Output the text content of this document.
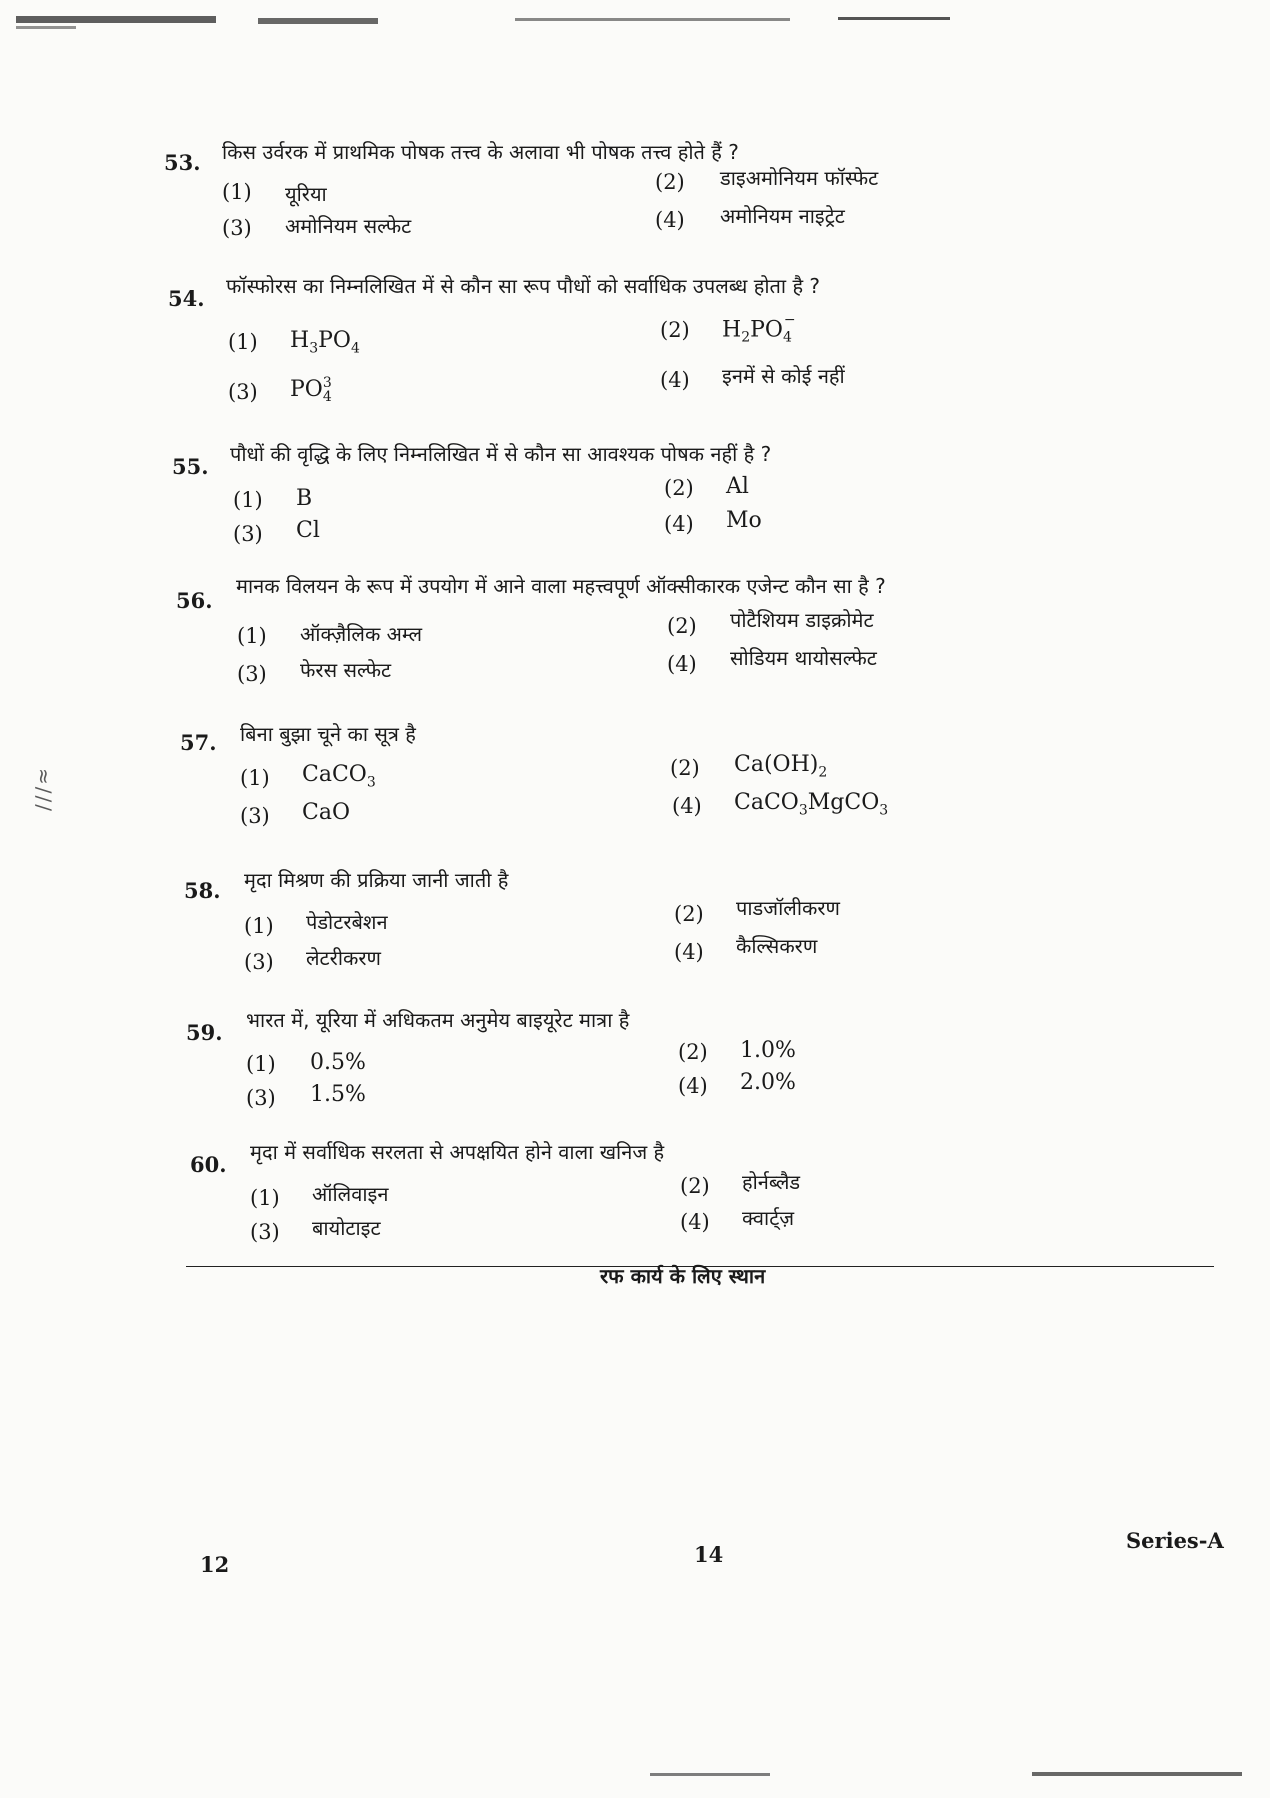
≈∕∕∕
53. किस उर्वरक में प्राथमिक पोषक तत्त्व के अलावा भी पोषक तत्त्व होते हैं ?
(1) यूरिया	(2) डाइअमोनियम फॉस्फेट
(3) अमोनियम सल्फेट	(4) अमोनियम नाइट्रेट
54. फॉस्फोरस का निम्नलिखित में से कौन सा रूप पौधों को सर्वाधिक उपलब्ध होता है ?
(1) $H_3PO_4$
(2) $H_2PO_4^-$
(3) PO 3
4
(4) इनमें से कोई नहीं
55. पौधों की वृद्धि के लिए निम्नलिखित में से कौन सा आवश्यक पोषक नहीं है ?
(1) B	(2) Al
(3) Cl	(4) Mo
56.
मानक विलयन के रूप में उपयोग में आने वाला महत्त्वपूर्ण ऑक्सीकारक एजेन्ट कौन सा है ?
(1) ऑक्ज़ैलिक अम्ल	(2) पोटैशियम डाइक्रोमेट
(3) फेरस सल्फेट	(4) सोडियम थायोसल्फेट
57. बिना बुझा चूने का सूत्र है
(1) CaCO$_3$
(2) $Ca(OH)_2$
(3) CaO	(4) CaCO$_3$MgCO$_3$
58. मृदा मिश्रण की प्रक्रिया जानी जाती है
(1) पेडोटरबेशन	(2) पाडजॉलीकरण
(3) लेटरीकरण	(4) कैल्सिकरण
59. भारत में, यूरिया में अधिकतम अनुमेय बाइयूरेट मात्रा है
(1) 0.5%	(2) 1.0%
(3) 1.5%	(4) 2.0%
60. मृदा में सर्वाधिक सरलता से अपक्षयित होने वाला खनिज है
(1) ऑलिवाइन	(2) होर्नब्लैड
(3) बायोटाइट	(4) क्वार्ट्ज़
रफ कार्य के लिए स्थान
12	14
Series-A
